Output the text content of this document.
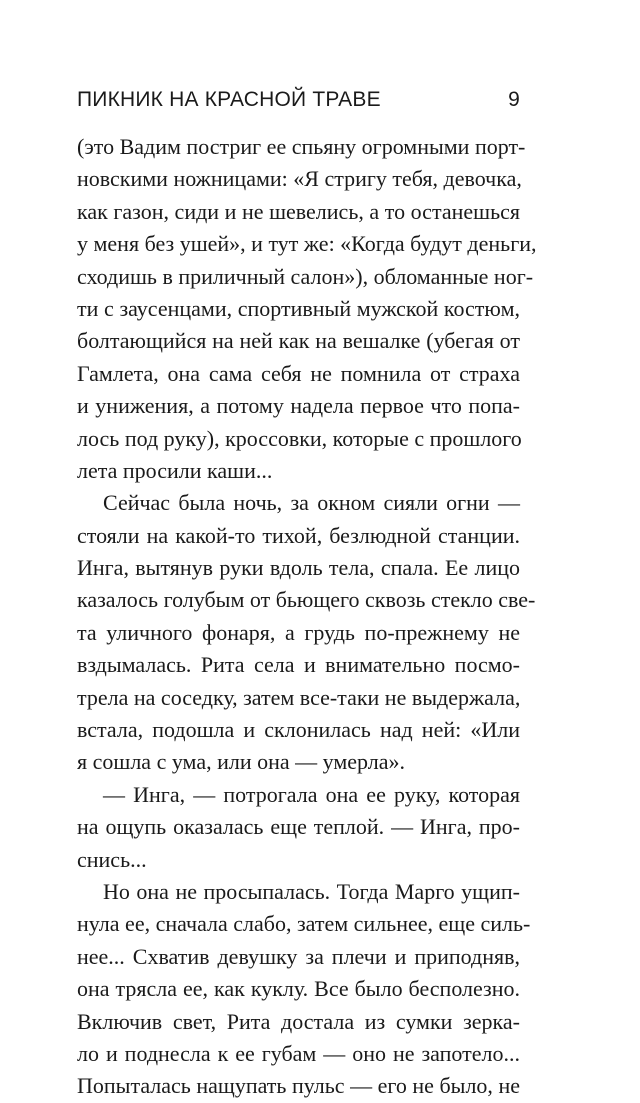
ПИКНИК НА КРАСНОЙ ТРАВЕ	9
(это Вадим постриг ее спьяну огромными порт-
новскими ножницами: «Я стригу тебя, девочка,
как газон, сиди и не шевелись, а то останешься
у меня без ушей», и тут же: «Когда будут деньги,
сходишь в приличный салон»), обломанные ног-
ти с заусенцами, спортивный мужской костюм,
болтающийся на ней как на вешалке (убегая от
Гамлета, она сама себя не помнила от страха
и унижения, а потому надела первое что попа-
лось под руку), кроссовки, которые с прошлого
лета просили каши...
Сейчас была ночь, за окном сияли огни —
стояли на какой-то тихой, безлюдной станции.
Инга, вытянув руки вдоль тела, спала. Ее лицо
казалось голубым от бьющего сквозь стекло све-
та уличного фонаря, а грудь по-прежнему не
вздымалась. Рита села и внимательно посмо-
трела на соседку, затем все-таки не выдержала,
встала, подошла и склонилась над ней: «Или
я сошла с ума, или она — умерла».
— Инга, — потрогала она ее руку, которая
на ощупь оказалась еще теплой. — Инга, про-
снись...
Но она не просыпалась. Тогда Марго ущип-
нула ее, сначала слабо, затем сильнее, еще силь-
нее... Схватив девушку за плечи и приподняв,
она трясла ее, как куклу. Все было бесполезно.
Включив свет, Рита достала из сумки зерка-
ло и поднесла к ее губам — оно не запотело...
Попыталась нащупать пульс — его не было, не
